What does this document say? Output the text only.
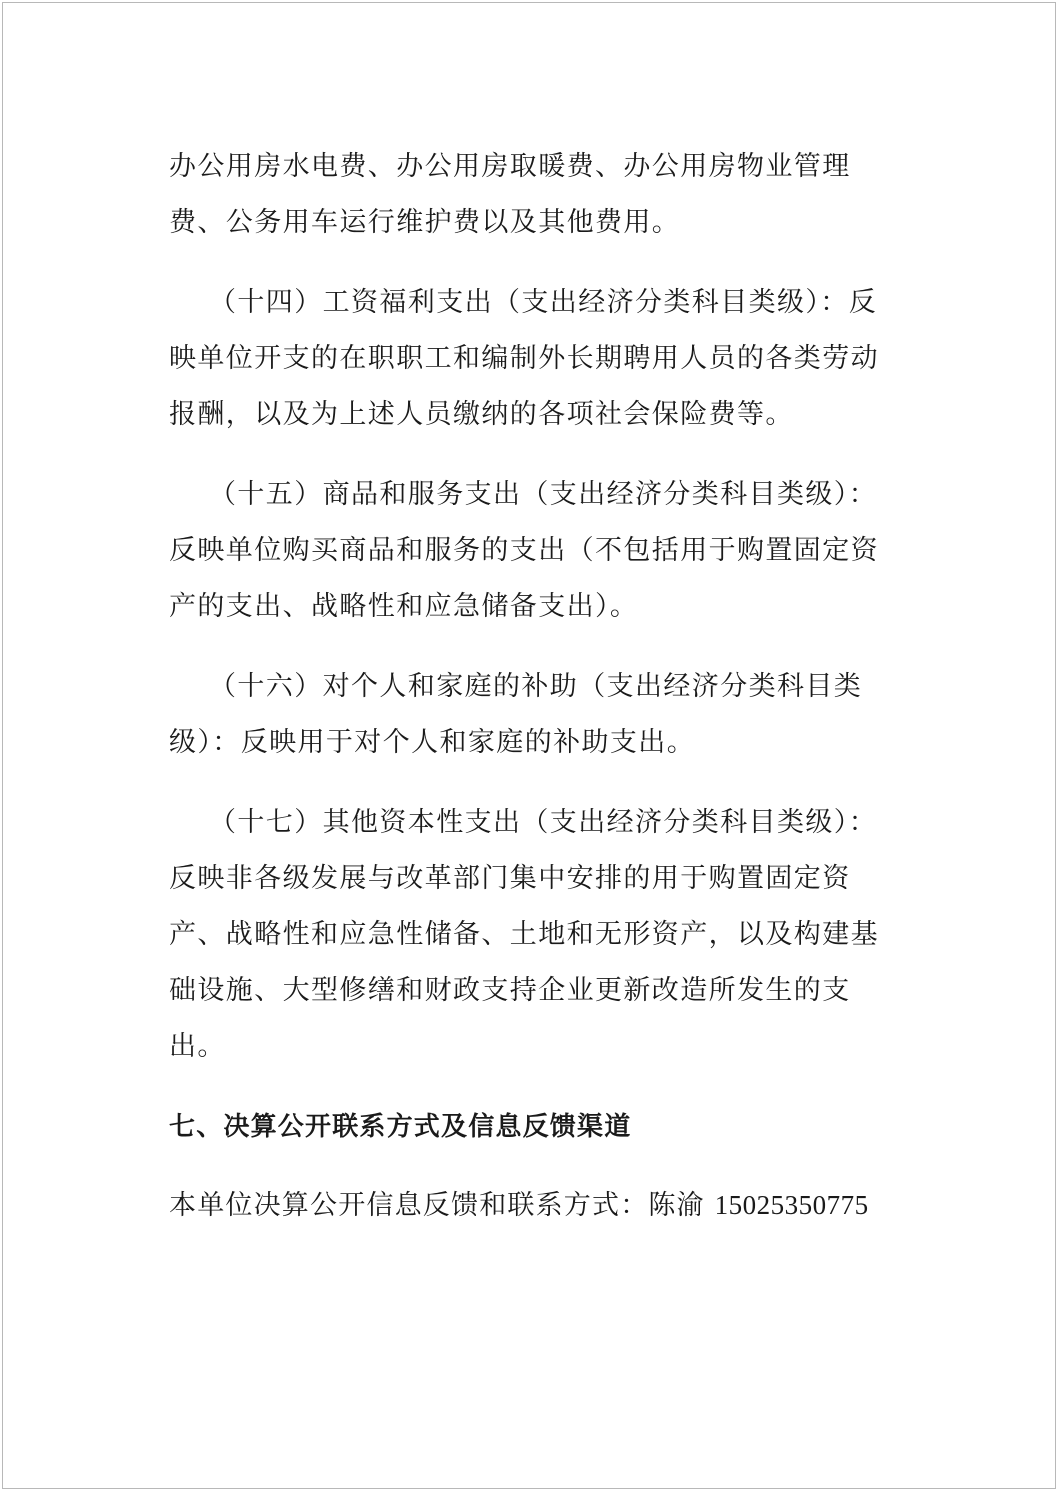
办公用房水电费、办公用房取暖费、办公用房物业管理
费、公务用车运行维护费以及其他费用。

（十四）工资福利支出（支出经济分类科目类级）：反
映单位开支的在职职工和编制外长期聘用人员的各类劳动
报酬，以及为上述人员缴纳的各项社会保险费等。

（十五）商品和服务支出（支出经济分类科目类级）：
反映单位购买商品和服务的支出（不包括用于购置固定资
产的支出、战略性和应急储备支出）。

（十六）对个人和家庭的补助（支出经济分类科目类
级）：反映用于对个人和家庭的补助支出。

（十七）其他资本性支出（支出经济分类科目类级）：
反映非各级发展与改革部门集中安排的用于购置固定资
产、战略性和应急性储备、土地和无形资产，以及构建基
础设施、大型修缮和财政支持企业更新改造所发生的支
出。

七、决算公开联系方式及信息反馈渠道

本单位决算公开信息反馈和联系方式：陈渝 15025350775
